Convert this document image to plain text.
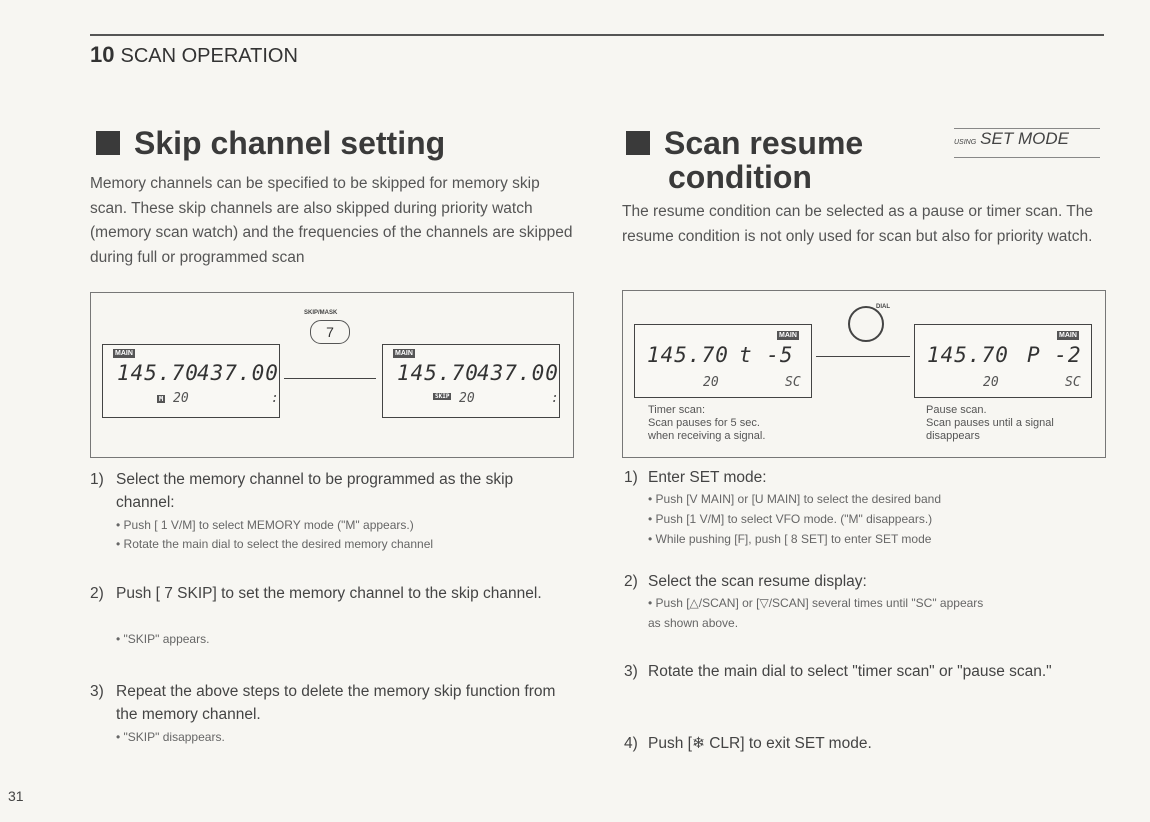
10 SCAN OPERATION
Skip channel setting
Memory channels can be specified to be skipped for memory skip scan. These skip channels are also skipped during priority watch (memory scan watch) and the frequencies of the channels are skipped during full or programmed scan
SKIP/MASK
7
MAIN
145.70
437.00
M 20	:
MAIN
145.70
437.00
SKIP 20	:
1) Select the memory channel to be programmed as the skip channel:
• Push [ 1 V/M] to select MEMORY mode ("M" appears.)
• Rotate the main dial to select the desired memory channel
2) Push [ 7 SKIP] to set the memory channel to the skip channel.
• "SKIP" appears.
3) Repeat the above steps to delete the memory skip function from the memory channel.
• "SKIP" disappears.
Scan resume
condition
USING SET MODE
The resume condition can be selected as a pause or timer scan. The resume condition is not only used for scan but also for priority watch.
DIAL
MAIN
145.70 t -5
20	SC
MAIN
145.70 P -2
20	SC
Timer scan:
Scan pauses for 5 sec.
when receiving a signal.
Pause scan.
Scan pauses until a signal
disappears
1) Enter SET mode:
• Push [V MAIN] or [U MAIN] to select the desired band
• Push [1 V/M] to select VFO mode. ("M" disappears.)
• While pushing [F], push [ 8 SET] to enter SET mode
2) Select the scan resume display:
• Push [△/SCAN] or [▽/SCAN] several times until "SC" appears
as shown above.
3) Rotate the main dial to select "timer scan" or "pause scan."
4) Push [❄ CLR] to exit SET mode.
31
